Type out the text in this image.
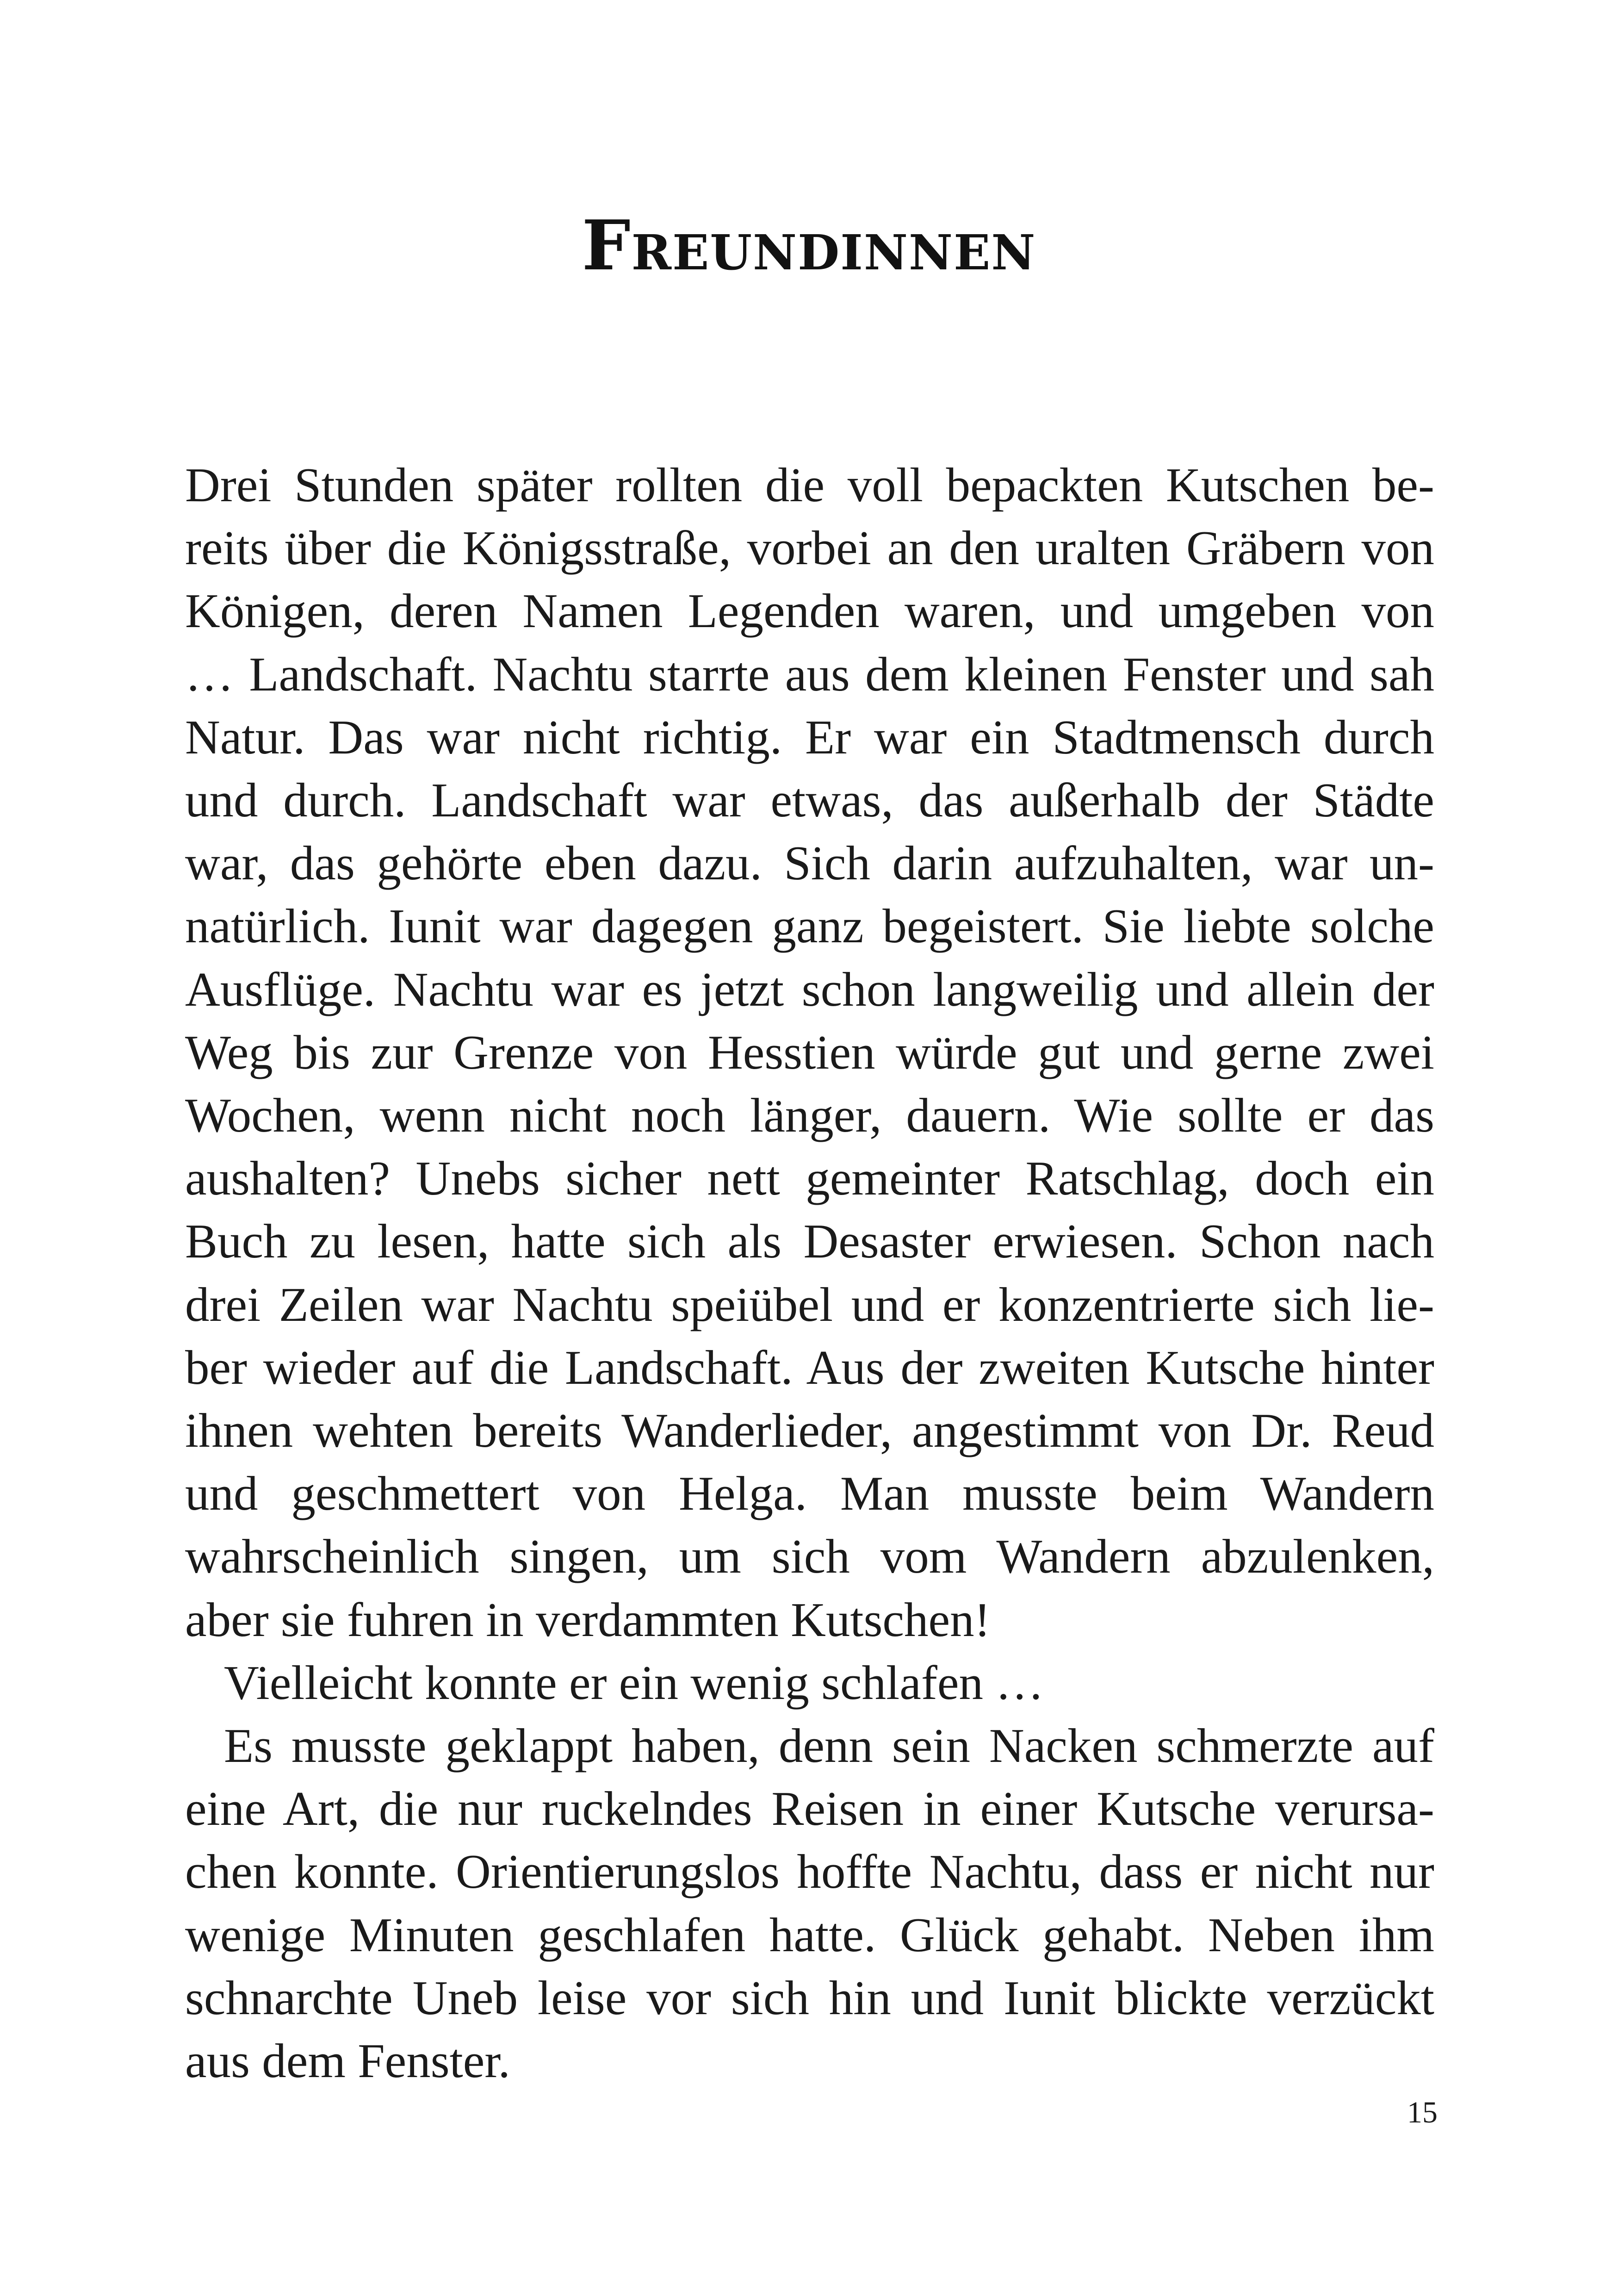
Freundinnen

Drei Stunden später rollten die voll bepackten Kutschen be-
reits über die Königsstraße, vorbei an den uralten Gräbern von
Königen, deren Namen Legenden waren, und umgeben von
… Landschaft. Nachtu starrte aus dem kleinen Fenster und sah
Natur. Das war nicht richtig. Er war ein Stadtmensch durch
und durch. Landschaft war etwas, das außerhalb der Städte
war, das gehörte eben dazu. Sich darin aufzuhalten, war un-
natürlich. Iunit war dagegen ganz begeistert. Sie liebte solche
Ausflüge. Nachtu war es jetzt schon langweilig und allein der
Weg bis zur Grenze von Hesstien würde gut und gerne zwei
Wochen, wenn nicht noch länger, dauern. Wie sollte er das
aushalten? Unebs sicher nett gemeinter Ratschlag, doch ein
Buch zu lesen, hatte sich als Desaster erwiesen. Schon nach
drei Zeilen war Nachtu speiübel und er konzentrierte sich lie-
ber wieder auf die Landschaft. Aus der zweiten Kutsche hinter
ihnen wehten bereits Wanderlieder, angestimmt von Dr. Reud
und geschmettert von Helga. Man musste beim Wandern
wahrscheinlich singen, um sich vom Wandern abzulenken,
aber sie fuhren in verdammten Kutschen!

Vielleicht konnte er ein wenig schlafen …

Es musste geklappt haben, denn sein Nacken schmerzte auf
eine Art, die nur ruckelndes Reisen in einer Kutsche verursa-
chen konnte. Orientierungslos hoffte Nachtu, dass er nicht nur
wenige Minuten geschlafen hatte. Glück gehabt. Neben ihm
schnarchte Uneb leise vor sich hin und Iunit blickte verzückt
aus dem Fenster.

15
